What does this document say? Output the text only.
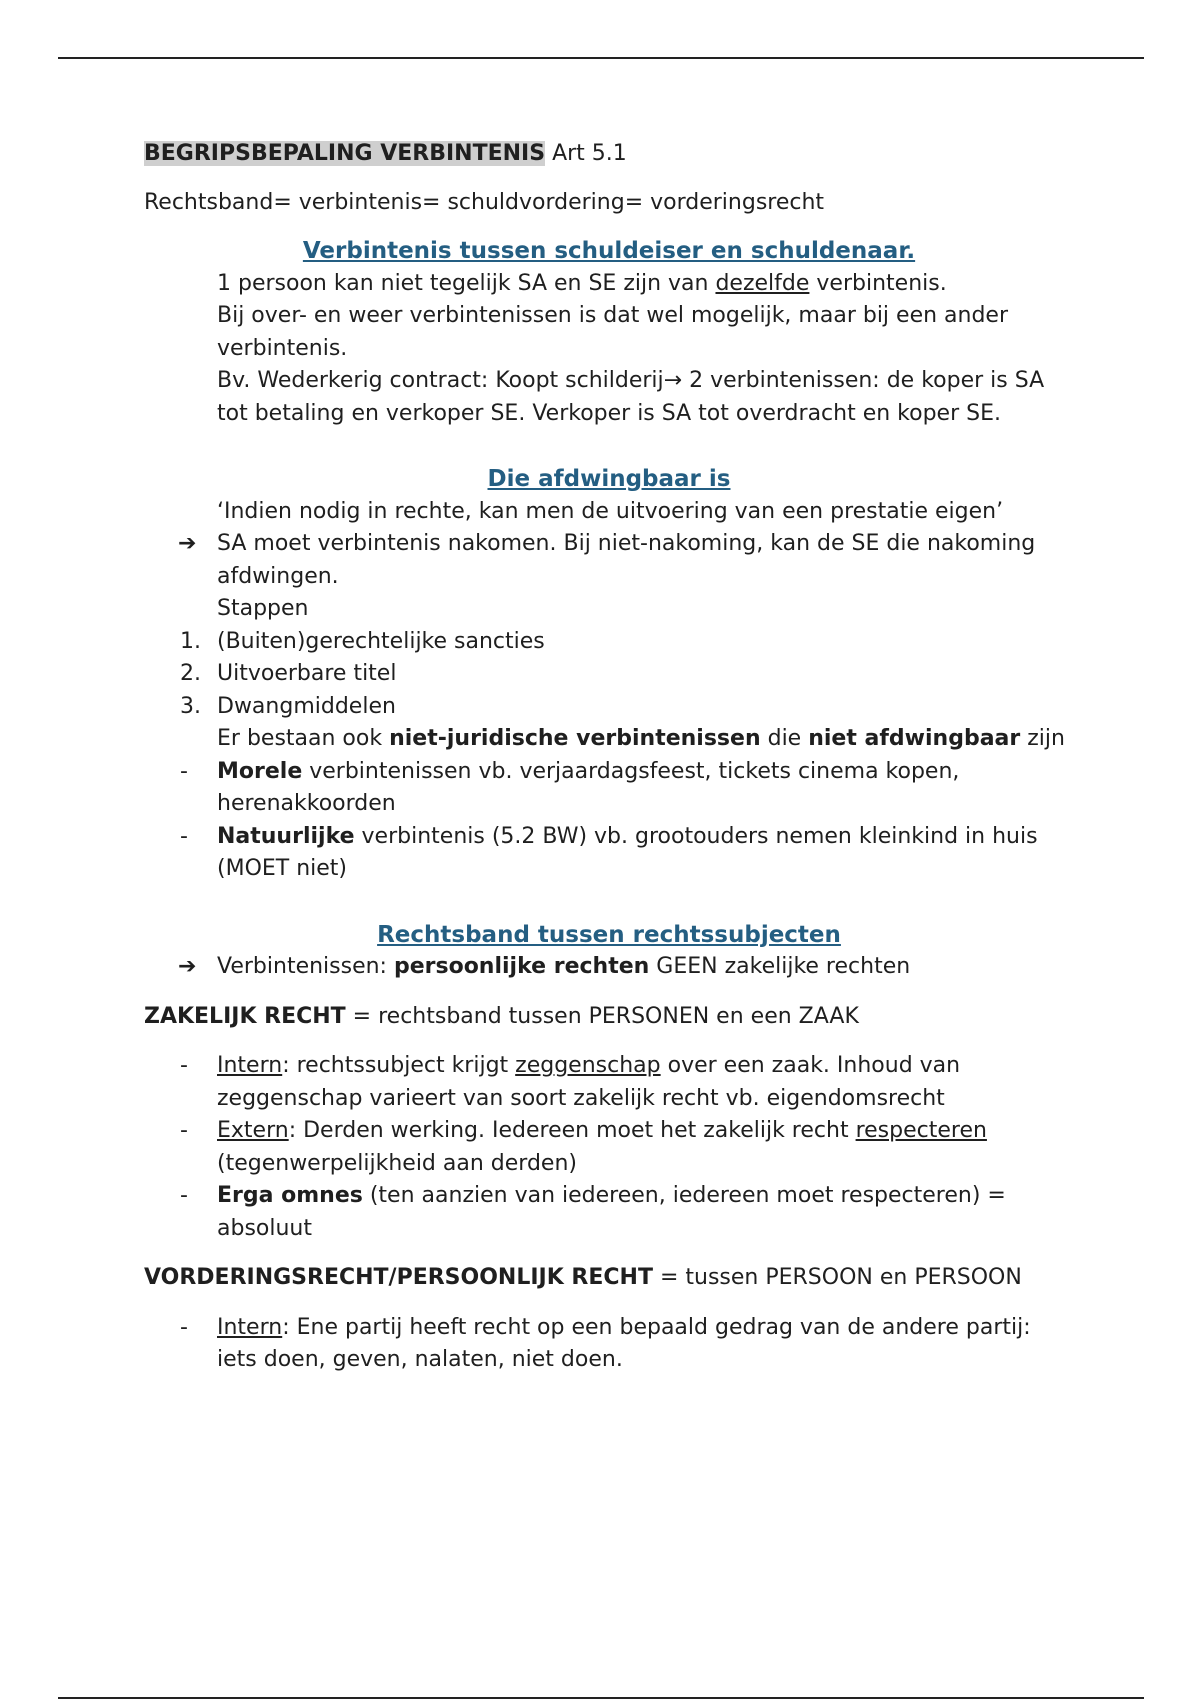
BEGRIPSBEPALING VERBINTENIS Art 5.1

Rechtsband= verbintenis= schuldvordering= vorderingsrecht

Verbintenis tussen schuldeiser en schuldenaar.

1 persoon kan niet tegelijk SA en SE zijn van dezelfde verbintenis.

Bij over- en weer verbintenissen is dat wel mogelijk, maar bij een ander verbintenis.

Bv. Wederkerig contract: Koopt schilderij→ 2 verbintenissen: de koper is SA tot betaling en verkoper SE. Verkoper is SA tot overdracht en koper SE.

Die afdwingbaar is

‘Indien nodig in rechte, kan men de uitvoering van een prestatie eigen’

➔ SA moet verbintenis nakomen. Bij niet-nakoming, kan de SE die nakoming afdwingen.

Stappen

1. (Buiten)gerechtelijke sancties
2. Uitvoerbare titel
3. Dwangmiddelen

Er bestaan ook niet-juridische verbintenissen die niet afdwingbaar zijn

- Morele verbintenissen vb. verjaardagsfeest, tickets cinema kopen, herenakkoorden
- Natuurlijke verbintenis (5.2 BW) vb. grootouders nemen kleinkind in huis (MOET niet)

Rechtsband tussen rechtssubjecten

➔ Verbintenissen: persoonlijke rechten GEEN zakelijke rechten

ZAKELIJK RECHT = rechtsband tussen PERSONEN en een ZAAK

- Intern: rechtssubject krijgt zeggenschap over een zaak. Inhoud van zeggenschap varieert van soort zakelijk recht vb. eigendomsrecht
- Extern: Derden werking. Iedereen moet het zakelijk recht respecteren (tegenwerpelijkheid aan derden)
- Erga omnes (ten aanzien van iedereen, iedereen moet respecteren) = absoluut

VORDERINGSRECHT/PERSOONLIJK RECHT = tussen PERSOON en PERSOON

- Intern: Ene partij heeft recht op een bepaald gedrag van de andere partij: iets doen, geven, nalaten, niet doen.
